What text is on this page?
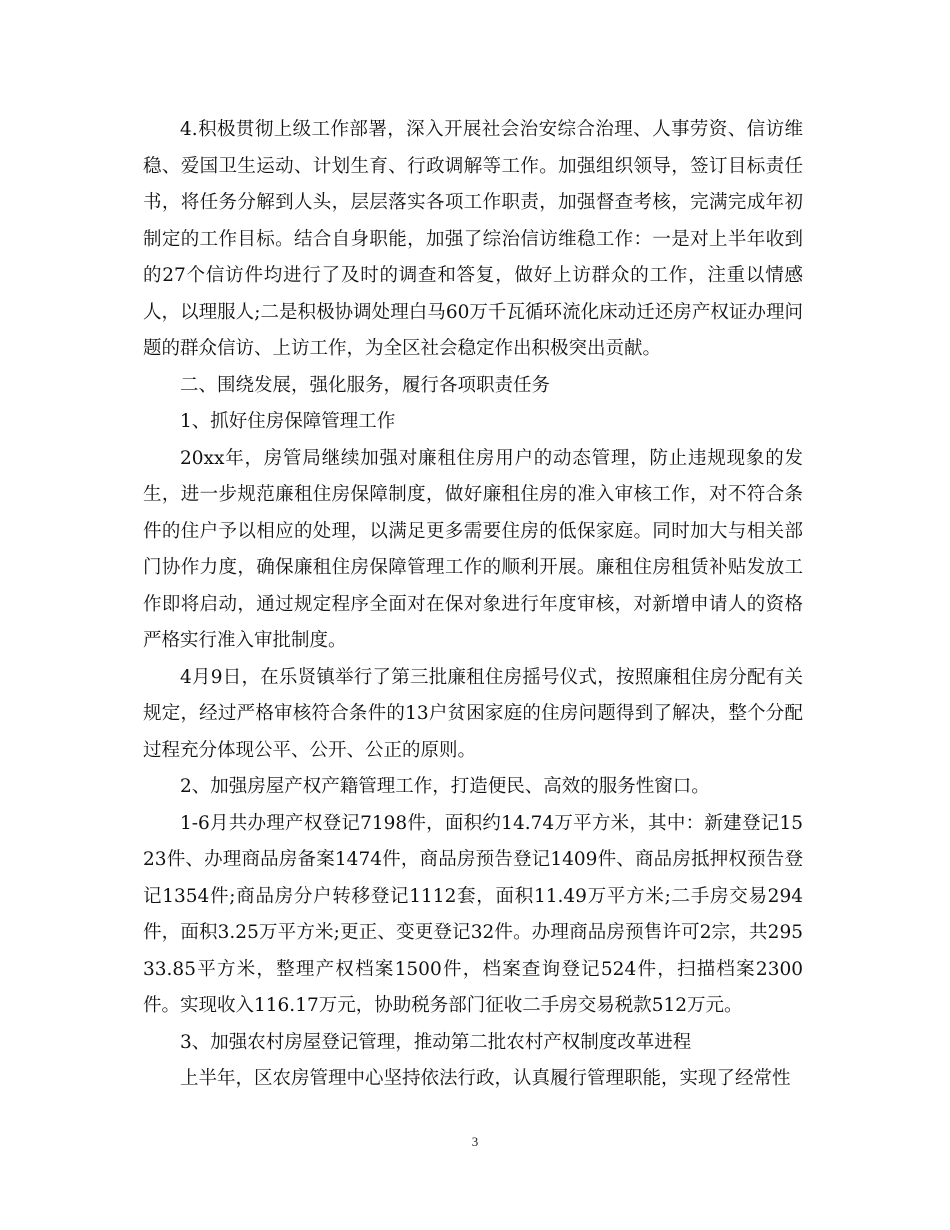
4.积极贯彻上级工作部署，深入开展社会治安综合治理、人事劳资、信访维稳、爱国卫生运动、计划生育、行政调解等工作。加强组织领导，签订目标责任书，将任务分解到人头，层层落实各项工作职责，加强督查考核，完满完成年初制定的工作目标。结合自身职能，加强了综治信访维稳工作：一是对上半年收到的27个信访件均进行了及时的调查和答复，做好上访群众的工作，注重以情感人，以理服人;二是积极协调处理白马60万千瓦循环流化床动迁还房产权证办理问题的群众信访、上访工作，为全区社会稳定作出积极突出贡献。

二、围绕发展，强化服务，履行各项职责任务

1、抓好住房保障管理工作

20xx年，房管局继续加强对廉租住房用户的动态管理，防止违规现象的发生，进一步规范廉租住房保障制度，做好廉租住房的准入审核工作，对不符合条件的住户予以相应的处理，以满足更多需要住房的低保家庭。同时加大与相关部门协作力度，确保廉租住房保障管理工作的顺利开展。廉租住房租赁补贴发放工作即将启动，通过规定程序全面对在保对象进行年度审核，对新增申请人的资格严格实行准入审批制度。

4月9日，在乐贤镇举行了第三批廉租住房摇号仪式，按照廉租住房分配有关规定，经过严格审核符合条件的13户贫困家庭的住房问题得到了解决，整个分配过程充分体现公平、公开、公正的原则。

2、加强房屋产权产籍管理工作，打造便民、高效的服务性窗口。

1-6月共办理产权登记7198件，面积约14.74万平方米，其中：新建登记1523件、办理商品房备案1474件，商品房预告登记1409件、商品房抵押权预告登记1354件;商品房分户转移登记1112套，面积11.49万平方米;二手房交易294件，面积3.25万平方米;更正、变更登记32件。办理商品房预售许可2宗，共29533.85平方米，整理产权档案1500件，档案查询登记524件，扫描档案2300件。实现收入116.17万元，协助税务部门征收二手房交易税款512万元。

3、加强农村房屋登记管理，推动第二批农村产权制度改革进程

上半年，区农房管理中心坚持依法行政，认真履行管理职能，实现了经常性

3
